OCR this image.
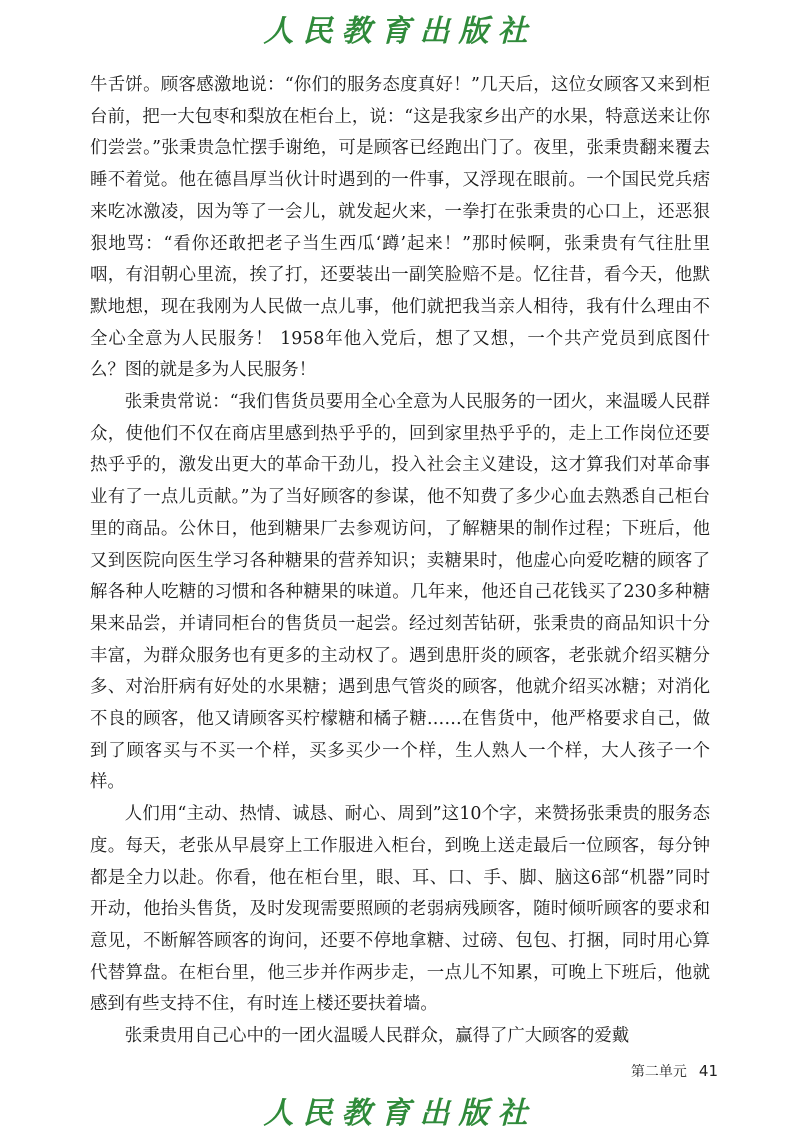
人民教育出版社

牛舌饼。顾客感激地说：“你们的服务态度真好！”几天后，这位女顾客又来到柜台前，把一大包枣和梨放在柜台上，说：“这是我家乡出产的水果，特意送来让你们尝尝。”张秉贵急忙摆手谢绝，可是顾客已经跑出门了。夜里，张秉贵翻来覆去睡不着觉。他在德昌厚当伙计时遇到的一件事，又浮现在眼前。一个国民党兵痞来吃冰激凌，因为等了一会儿，就发起火来，一拳打在张秉贵的心口上，还恶狠狠地骂：“看你还敢把老子当生西瓜‘蹲’起来！”那时候啊，张秉贵有气往肚里咽，有泪朝心里流，挨了打，还要装出一副笑脸赔不是。忆往昔，看今天，他默默地想，现在我刚为人民做一点儿事，他们就把我当亲人相待，我有什么理由不全心全意为人民服务！ 1958年他入党后，想了又想，一个共产党员到底图什么？图的就是多为人民服务！

张秉贵常说：“我们售货员要用全心全意为人民服务的一团火，来温暖人民群众，使他们不仅在商店里感到热乎乎的，回到家里热乎乎的，走上工作岗位还要热乎乎的，激发出更大的革命干劲儿，投入社会主义建设，这才算我们对革命事业有了一点儿贡献。”为了当好顾客的参谋，他不知费了多少心血去熟悉自己柜台里的商品。公休日，他到糖果厂去参观访问，了解糖果的制作过程；下班后，他又到医院向医生学习各种糖果的营养知识；卖糖果时，他虚心向爱吃糖的顾客了解各种人吃糖的习惯和各种糖果的味道。几年来，他还自己花钱买了230多种糖果来品尝，并请同柜台的售货员一起尝。经过刻苦钻研，张秉贵的商品知识十分丰富，为群众服务也有更多的主动权了。遇到患肝炎的顾客，老张就介绍买糖分多、对治肝病有好处的水果糖；遇到患气管炎的顾客，他就介绍买冰糖；对消化不良的顾客，他又请顾客买柠檬糖和橘子糖……在售货中，他严格要求自己，做到了顾客买与不买一个样，买多买少一个样，生人熟人一个样，大人孩子一个样。

人们用“主动、热情、诚恳、耐心、周到”这10个字，来赞扬张秉贵的服务态度。每天，老张从早晨穿上工作服进入柜台，到晚上送走最后一位顾客，每分钟都是全力以赴。你看，他在柜台里，眼、耳、口、手、脚、脑这6部“机器”同时开动，他抬头售货，及时发现需要照顾的老弱病残顾客，随时倾听顾客的要求和意见，不断解答顾客的询问，还要不停地拿糖、过磅、包包、打捆，同时用心算代替算盘。在柜台里，他三步并作两步走，一点儿不知累，可晚上下班后，他就感到有些支持不住，有时连上楼还要扶着墙。

张秉贵用自己心中的一团火温暖人民群众，赢得了广大顾客的爱戴

第二单元 41
人民教育出版社
